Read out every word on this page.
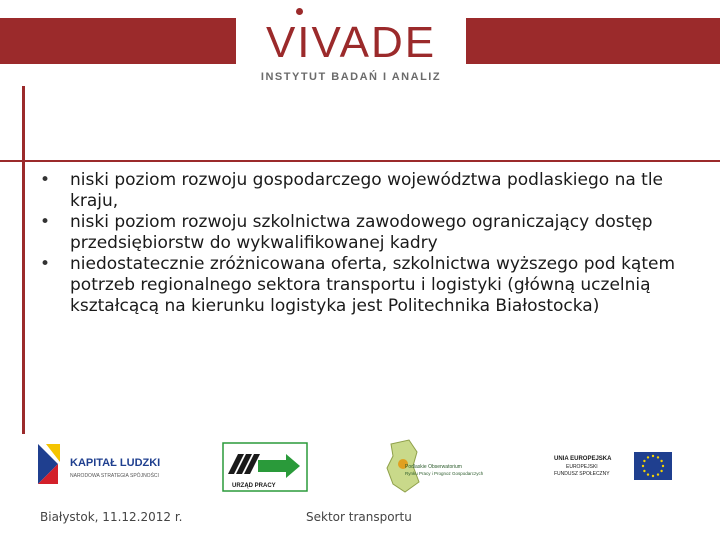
VIVADE
INSTYTUT BADAŃ I ANALIZ
• niski poziom rozwoju gospodarczego województwa podlaskiego na tle kraju,
• niski poziom rozwoju szkolnictwa zawodowego ograniczający dostęp przedsiębiorstw do wykwalifikowanej kadry
• niedostatecznie zróżnicowana oferta, szkolnictwa wyższego pod kątem potrzeb regionalnego sektora transportu i logistyki (główną uczelnią kształcącą na kierunku logistyka jest Politechnika Białostocka)
KAPITAŁ LUDZKI
NARODOWA STRATEGIA SPÓJNOŚCI
URZĄD PRACY
Podlaskie Obserwatorium
Rynku Pracy i Prognoz Gospodarczych
UNIA EUROPEJSKA
EUROPEJSKI
FUNDUSZ SPOŁECZNY
Białystok, 11.12.2012 r.	Sektor transportu
